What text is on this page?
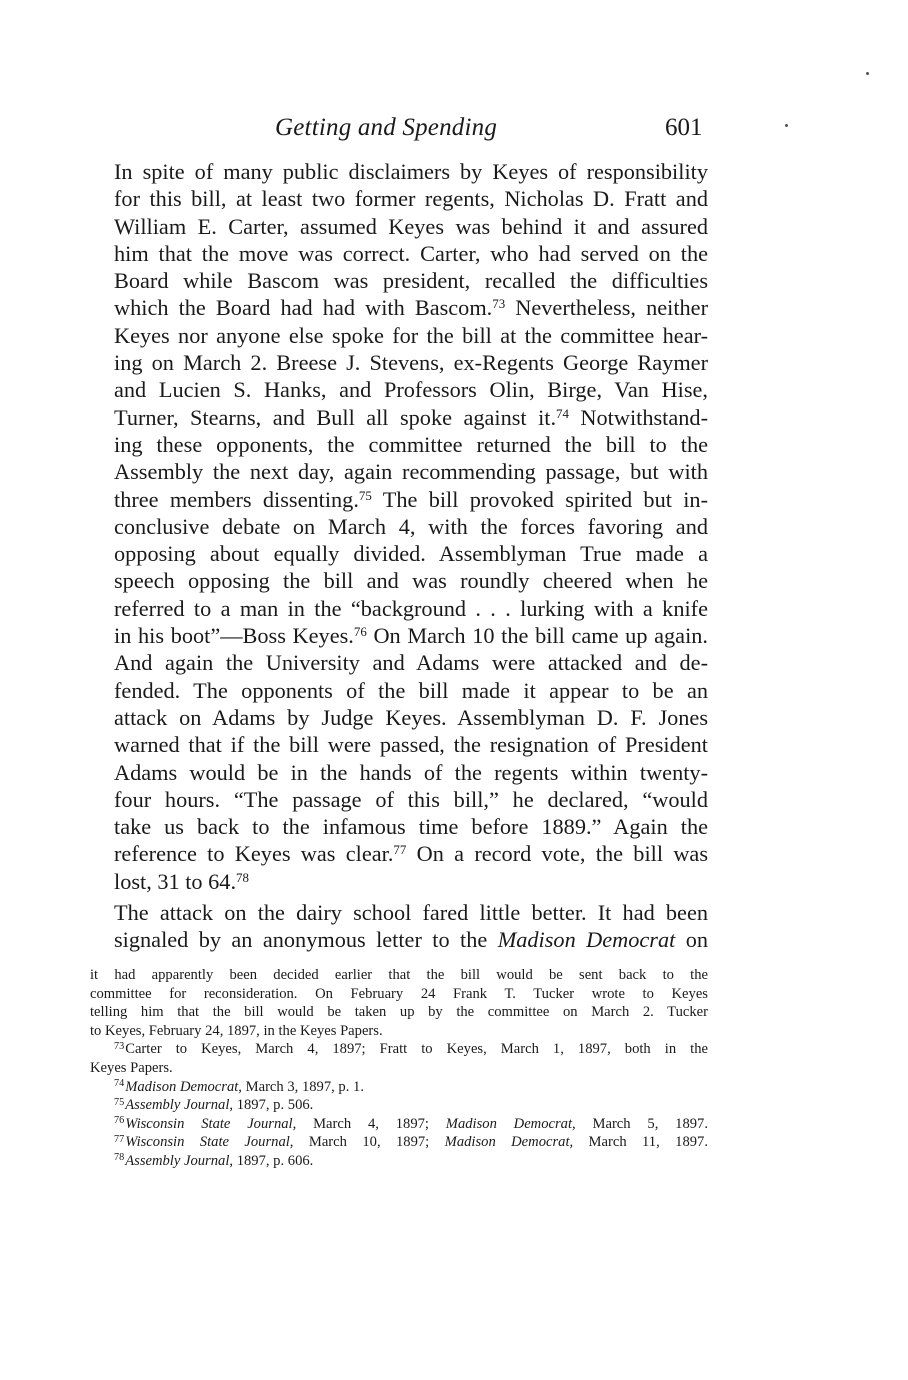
Getting and Spending	601

In spite of many public disclaimers by Keyes of responsibility
for this bill, at least two former regents, Nicholas D. Fratt and
William E. Carter, assumed Keyes was behind it and assured
him that the move was correct. Carter, who had served on the
Board while Bascom was president, recalled the difficulties
which the Board had had with Bascom.$^{73}$ Nevertheless, neither
Keyes nor anyone else spoke for the bill at the committee hear-
ing on March 2. Breese J. Stevens, ex-Regents George Raymer
and Lucien S. Hanks, and Professors Olin, Birge, Van Hise,
Turner, Stearns, and Bull all spoke against it.$^{74}$ Notwithstand-
ing these opponents, the committee returned the bill to the
Assembly the next day, again recommending passage, but with
three members dissenting.$^{75}$ The bill provoked spirited but in-
conclusive debate on March 4, with the forces favoring and
opposing about equally divided. Assemblyman True made a
speech opposing the bill and was roundly cheered when he
referred to a man in the “background . . . lurking with a knife
in his boot”—Boss Keyes.$^{76}$ On March 10 the bill came up again.
And again the University and Adams were attacked and de-
fended. The opponents of the bill made it appear to be an
attack on Adams by Judge Keyes. Assemblyman D. F. Jones
warned that if the bill were passed, the resignation of President
Adams would be in the hands of the regents within twenty-
four hours. “The passage of this bill,” he declared, “would
take us back to the infamous time before 1889.” Again the
reference to Keyes was clear.$^{77}$ On a record vote, the bill was
lost, 31 to 64.78

The attack on the dairy school fared little better. It had been
signaled by an anonymous letter to the Madison Democrat on

it had apparently been decided earlier that the bill would be sent back to the
committee for reconsideration. On February 24 Frank T. Tucker wrote to Keyes
telling him that the bill would be taken up by the committee on March 2. Tucker
to Keyes, February 24, 1897, in the Keyes Papers.
$^{73}$Carter to Keyes, March 4, 1897; Fratt to Keyes, March 1, 1897, both in the
Keyes Papers.
$^{74}$Madison Democrat, March 3, 1897, p. 1.
$^{75}$Assembly Journal, 1897, p. 506.
$^{76}$Wisconsin State Journal, March 4, 1897; Madison Democrat, March 5, 1897.
$^{77}$Wisconsin State Journal, March 10, 1897; Madison Democrat, March 11, 1897.
$^{78}$Assembly Journal, 1897, p. 606.
